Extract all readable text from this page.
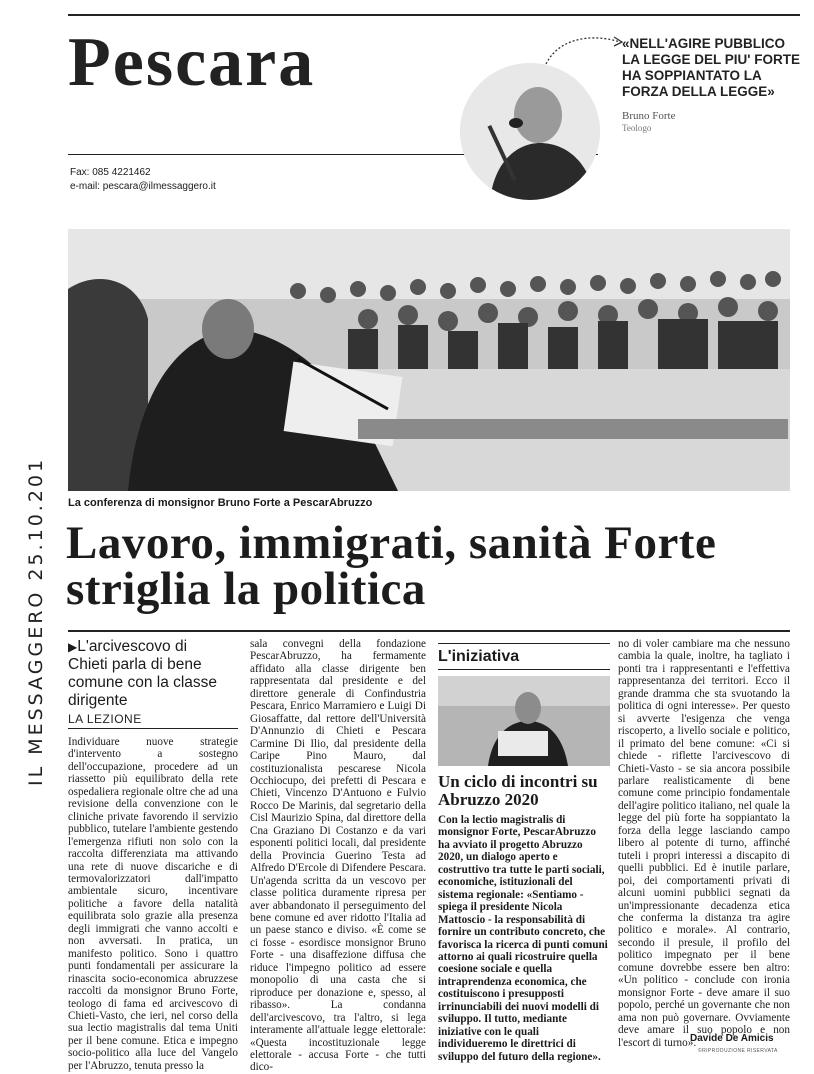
Pescara
Fax: 085 4221462
e-mail: pescara@ilmessaggero.it
«NELL'AGIRE PUBBLICO LA LEGGE DEL PIU' FORTE HA SOPPIANTATO LA FORZA DELLA LEGGE»
Bruno Forte
Teologo
La conferenza di monsignor Bruno Forte a PescarAbruzzo
Lavoro, immigrati, sanità Forte striglia la politica
▶L'arcivescovo di Chieti parla di bene comune con la classe dirigente
LA LEZIONE
Individuare nuove strategie d'intervento a sostegno dell'occupazione, procedere ad un riassetto più equilibrato della rete ospedaliera regionale oltre che ad una revisione della convenzione con le cliniche private favorendo il servizio pubblico, tutelare l'ambiente gestendo l'emergenza rifiuti non solo con la raccolta differenziata ma attivando una rete di nuove discariche e di termovalorizzatori dall'impatto ambientale sicuro, incentivare politiche a favore della natalità equilibrata solo grazie alla presenza degli immigrati che vanno accolti e non avversati. In pratica, un manifesto politico. Sono i quattro punti fondamentali per assicurare la rinascita socio-economica abruzzese raccolti da monsignor Bruno Forte, teologo di fama ed arcivescovo di Chieti-Vasto, che ieri, nel corso della sua lectio magistralis dal tema Uniti per il bene comune. Etica e impegno socio-politico alla luce del Vangelo per l'Abruzzo, tenuta presso la
sala convegni della fondazione PescarAbruzzo, ha fermamente affidato alla classe dirigente ben rappresentata dal presidente e del direttore generale di Confindustria Pescara, Enrico Marramiero e Luigi Di Giosaffatte, dal rettore dell'Università D'Annunzio di Chieti e Pescara Carmine Di Ilio, dal presidente della Caripe Pino Mauro, dal costituzionalista pescarese Nicola Occhiocupo, dei prefetti di Pescara e Chieti, Vincenzo D'Antuono e Fulvio Rocco De Marinis, dal segretario della Cisl Maurizio Spina, dal direttore della Cna Graziano Di Costanzo e da vari esponenti politici locali, dal presidente della Provincia Guerino Testa ad Alfredo D'Ercole di Difendere Pescara. Un'agenda scritta da un vescovo per classe politica duramente ripresa per aver abbandonato il perseguimento del bene comune ed aver ridotto l'Italia ad un paese stanco e diviso. «È come se ci fosse - esordisce monsignor Bruno Forte - una disaffezione diffusa che riduce l'impegno politico ad essere monopolio di una casta che si riproduce per donazione e, spesso, al ribasso». La condanna dell'arcivescovo, tra l'altro, si lega interamente all'attuale legge elettorale: «Questa incostituzionale legge elettorale - accusa Forte - che tutti dico-
L'iniziativa
Un ciclo di incontri su Abruzzo 2020
Con la lectio magistralis di monsignor Forte, PescarAbruzzo ha avviato il progetto Abruzzo 2020, un dialogo aperto e costruttivo tra tutte le parti sociali, economiche, istituzionali del sistema regionale: «Sentiamo - spiega il presidente Nicola Mattoscio - la responsabilità di fornire un contributo concreto, che favorisca la ricerca di punti comuni attorno ai quali ricostruire quella coesione sociale e quella intraprendenza economica, che costituiscono i presupposti irrinunciabili dei nuovi modelli di sviluppo. Il tutto, mediante iniziative con le quali individueremo le direttrici di sviluppo del futuro della regione».
no di voler cambiare ma che nessuno cambia la quale, inoltre, ha tagliato i ponti tra i rappresentanti e l'effettiva rappresentanza dei territori. Ecco il grande dramma che sta svuotando la politica di ogni interesse». Per questo si avverte l'esigenza che venga riscoperto, a livello sociale e politico, il primato del bene comune: «Ci si chiede - riflette l'arcivescovo di Chieti-Vasto - se sia ancora possibile parlare realisticamente di bene comune come principio fondamentale dell'agire politico italiano, nel quale la legge del più forte ha soppiantato la forza della legge lasciando campo libero al potente di turno, affinché tuteli i propri interessi a discapito di quelli pubblici. Ed è inutile parlare, poi, dei comportamenti privati di alcuni uomini pubblici segnati da un'impressionante decadenza etica che conferma la distanza tra agire politico e morale». Al contrario, secondo il presule, il profilo del politico impegnato per il bene comune dovrebbe essere ben altro: «Un politico - conclude con ironia monsignor Forte - deve amare il suo popolo, perché un governante che non ama non può governare. Ovviamente deve amare il suo popolo e non l'escort di turno».
Davide De Amicis
©RIPRODUZIONE RISERVATA
IL MESSAGGERO 25.10.2013
